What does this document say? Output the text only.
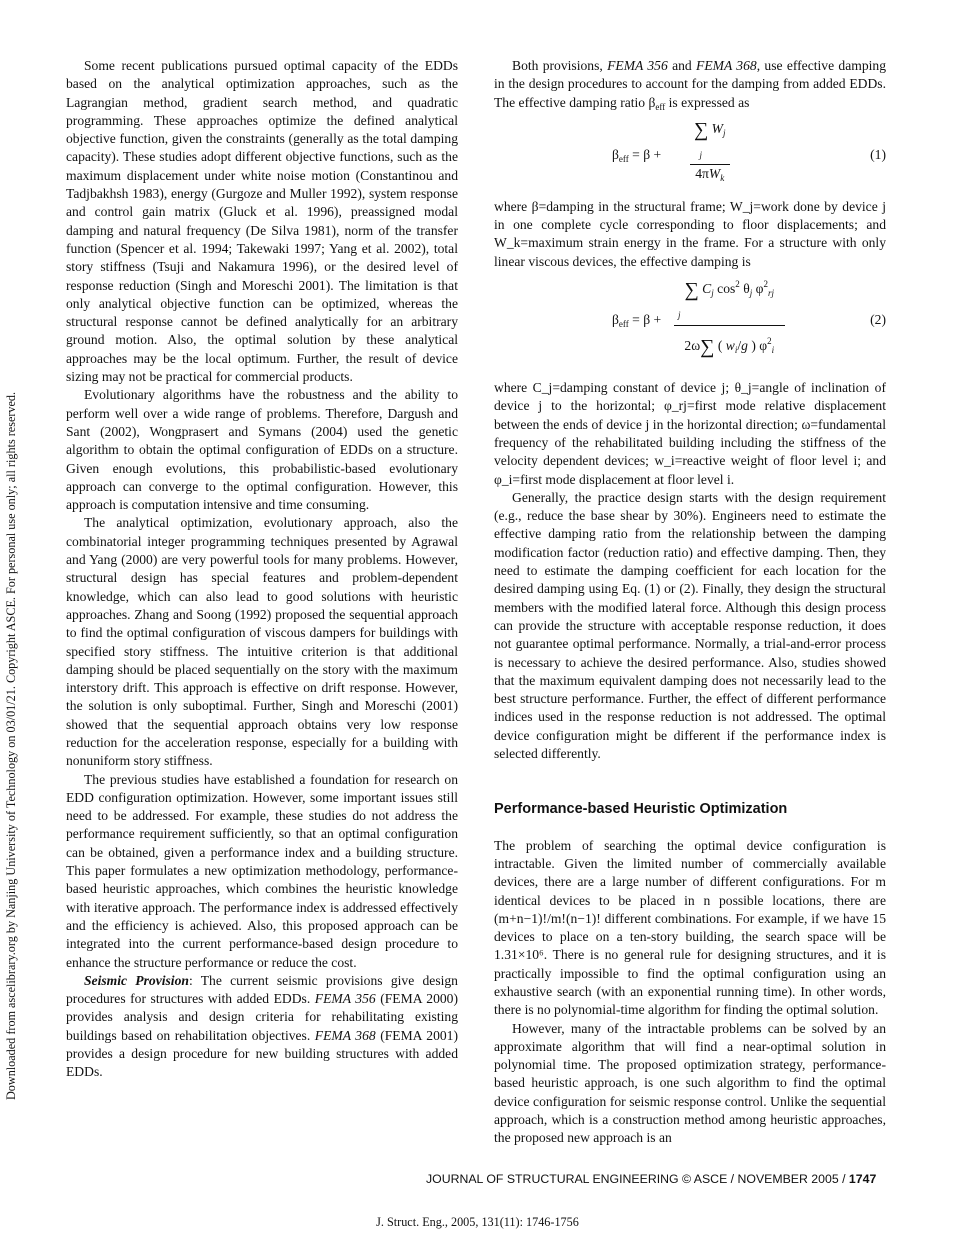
Downloaded from ascelibrary.org by Nanjing University of Technology on 03/01/21. Copyright ASCE. For personal use only; all rights reserved.

Some recent publications pursued optimal capacity of the EDDs based on the analytical optimization approaches, such as the Lagrangian method, gradient search method, and quadratic programming. These approaches optimize the defined analytical objective function, given the constraints (generally as the total damping capacity). These studies adopt different objective functions, such as the maximum displacement under white noise motion (Constantinou and Tadjbakhsh 1983), energy (Gurgoze and Muller 1992), system response and control gain matrix (Gluck et al. 1996), preassigned modal damping and natural frequency (De Silva 1981), norm of the transfer function (Spencer et al. 1994; Takewaki 1997; Yang et al. 2002), total story stiffness (Tsuji and Nakamura 1996), or the desired level of response reduction (Singh and Moreschi 2001). The limitation is that only analytical objective function can be optimized, whereas the structural response cannot be defined analytically for an arbitrary ground motion. Also, the optimal solution by these analytical approaches may be the local optimum. Further, the result of device sizing may not be practical for commercial products.

Evolutionary algorithms have the robustness and the ability to perform well over a wide range of problems. Therefore, Dargush and Sant (2002), Wongprasert and Symans (2004) used the genetic algorithm to obtain the optimal configuration of EDDs on a structure. Given enough evolutions, this probabilistic-based evolutionary approach can converge to the optimal configuration. However, this approach is computation intensive and time consuming.

The analytical optimization, evolutionary approach, also the combinatorial integer programming techniques presented by Agrawal and Yang (2000) are very powerful tools for many problems. However, structural design has special features and problem-dependent knowledge, which can also lead to good solutions with heuristic approaches. Zhang and Soong (1992) proposed the sequential approach to find the optimal configuration of viscous dampers for buildings with specified story stiffness. The intuitive criterion is that additional damping should be placed sequentially on the story with the maximum interstory drift. This approach is effective on drift response. However, the solution is only suboptimal. Further, Singh and Moreschi (2001) showed that the sequential approach obtains very low response reduction for the acceleration response, especially for a building with nonuniform story stiffness.

The previous studies have established a foundation for research on EDD configuration optimization. However, some important issues still need to be addressed. For example, these studies do not address the performance requirement sufficiently, so that an optimal configuration can be obtained, given a performance index and a building structure. This paper formulates a new optimization methodology, performance-based heuristic approaches, which combines the heuristic knowledge with iterative approach. The performance index is addressed effectively and the efficiency is achieved. Also, this proposed approach can be integrated into the current performance-based design procedure to enhance the structure performance or reduce the cost.

Seismic Provision: The current seismic provisions give design procedures for structures with added EDDs. FEMA 356 (FEMA 2000) provides analysis and design criteria for rehabilitating existing buildings based on rehabilitation objectives. FEMA 368 (FEMA 2001) provides a design procedure for new building structures with added EDDs.

Both provisions, FEMA 356 and FEMA 368, use effective damping in the design procedures to account for the damping from added EDDs. The effective damping ratio $\beta_{eff}$ is expressed as

$\beta_{eff} = \beta$ +
∑ $W_j$
$_j$
$4\pi W_k$
(1)

where β=damping in the structural frame; W_j=work done by device j in one complete cycle corresponding to floor displacements; and W_k=maximum strain energy in the frame. For a structure with only linear viscous devices, the effective damping is

$\beta_{eff} = \beta$ +
∑ $C_j$ $\cos^2 \theta_j$ $\varphi^2_{rj}$
$_j$
2ω∑ ( $w_i/g$ ) $\varphi^2_i$
(2)

where C_j=damping constant of device j; θ_j=angle of inclination of device j to the horizontal; φ_rj=first mode relative displacement between the ends of device j in the horizontal direction; ω=fundamental frequency of the rehabilitated building including the stiffness of the velocity dependent devices; w_i=reactive weight of floor level i; and φ_i=first mode displacement at floor level i.

Generally, the practice design starts with the design requirement (e.g., reduce the base shear by 30%). Engineers need to estimate the effective damping ratio from the relationship between the damping modification factor (reduction ratio) and effective damping. Then, they need to estimate the damping coefficient for each location for the desired damping using Eq. (1) or (2). Finally, they design the structural members with the modified lateral force. Although this design process can provide the structure with acceptable response reduction, it does not guarantee optimal performance. Normally, a trial-and-error process is necessary to achieve the desired performance. Also, studies showed that the maximum equivalent damping does not necessarily lead to the best structure performance. Further, the effect of different performance indices used in the response reduction is not addressed. The optimal device configuration might be different if the performance index is selected differently.

Performance-based Heuristic Optimization

The problem of searching the optimal device configuration is intractable. Given the limited number of commercially available devices, there are a large number of different configurations. For m identical devices to be placed in n possible locations, there are (m+n−1)!/m!(n−1)! different combinations. For example, if we have 15 devices to place on a ten-story building, the search space will be 1.31×10⁶. There is no general rule for designing structures, and it is practically impossible to find the optimal configuration using an exhaustive search (with an exponential running time). In other words, there is no polynomial-time algorithm for finding the optimal solution.

However, many of the intractable problems can be solved by an approximate algorithm that will find a near-optimal solution in polynomial time. The proposed optimization strategy, performance-based heuristic approach, is one such algorithm to find the optimal device configuration for seismic response control. Unlike the sequential approach, which is a construction method among heuristic approaches, the proposed new approach is an

JOURNAL OF STRUCTURAL ENGINEERING © ASCE / NOVEMBER 2005 / 1747
J. Struct. Eng., 2005, 131(11): 1746-1756
